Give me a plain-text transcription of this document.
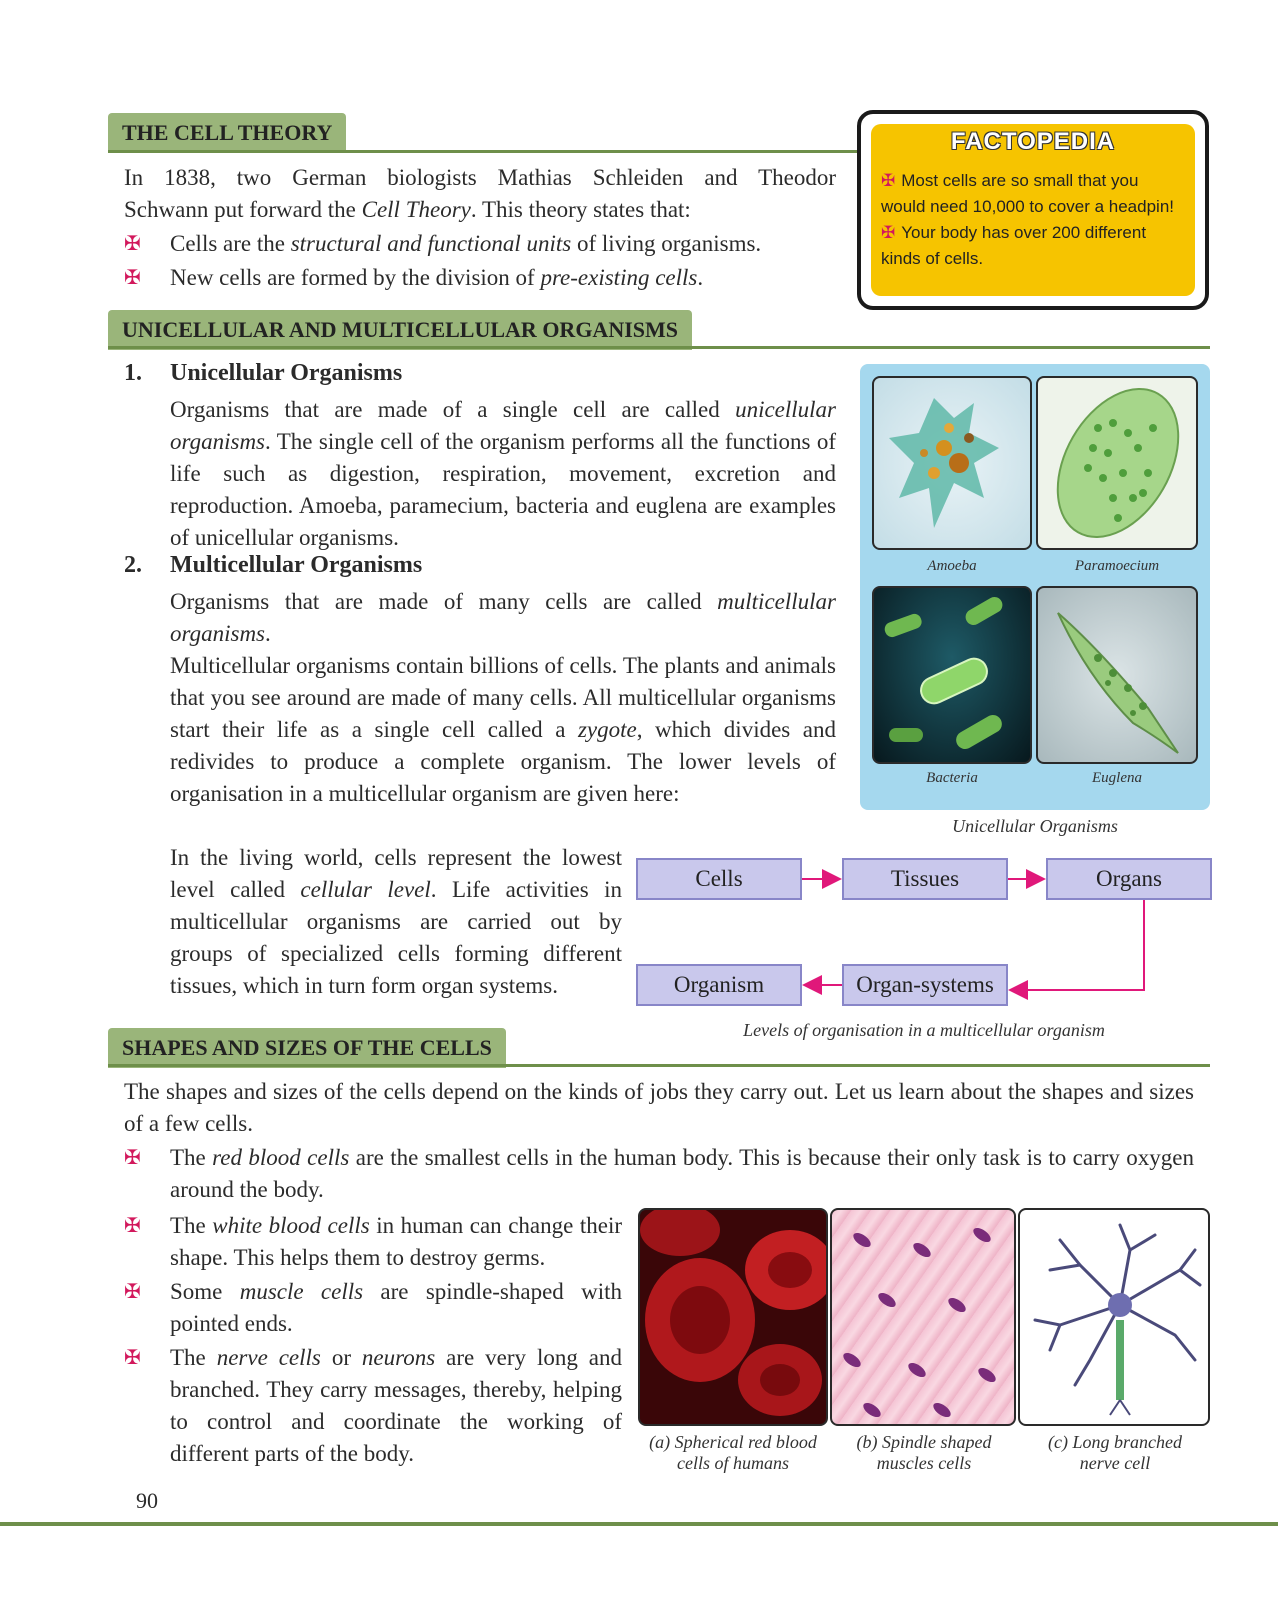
THE CELL THEORY
In 1838, two German biologists Mathias Schleiden and Theodor
Schwann put forward the Cell Theory. This theory states that:
✠ Cells are the structural and functional units of living organisms.
✠ New cells are formed by the division of pre-existing cells.
FACTOPEDIA
✠ Most cells are so small that you would need 10,000 to cover a headpin!
✠ Your body has over 200 different kinds of cells.
UNICELLULAR AND MULTICELLULAR ORGANISMS
1. Unicellular Organisms
Organisms that are made of a single cell are called unicellular organisms. The single cell of the organism performs all the functions of life such as digestion, respiration, movement, excretion and reproduction. Amoeba, paramecium, bacteria and euglena are examples of unicellular organisms.
2. Multicellular Organisms
Organisms that are made of many cells are called multicellular organisms.
Multicellular organisms contain billions of cells. The plants and animals that you see around are made of many cells. All multicellular organisms start their life as a single cell called a zygote, which divides and redivides to produce a complete organism. The lower levels of organisation in a multicellular organism are given here:
In the living world, cells represent the lowest level called cellular level. Life activities in multicellular organisms are carried out by groups of specialized cells forming different tissues, which in turn form organ systems.
Amoeba	Paramoecium
Bacteria	Euglena
Unicellular Organisms
Cells	Tissues	Organs
Organ-systems
Organism
Levels of organisation in a multicellular organism
SHAPES AND SIZES OF THE CELLS
The shapes and sizes of the cells depend on the kinds of jobs they carry out. Let us learn about the shapes and sizes of a few cells.
✠ The red blood cells are the smallest cells in the human body. This is because their only task is to carry oxygen around the body.
✠ The white blood cells in human can change their shape. This helps them to destroy germs.
✠ Some muscle cells are spindle-shaped with pointed ends.
✠ The nerve cells or neurons are very long and branched. They carry messages, thereby, helping to control and coordinate the working of different parts of the body.	(a) Spherical red blood cells of humans
(b) Spindle shaped muscles cells
(c) Long branched nerve cell
90
